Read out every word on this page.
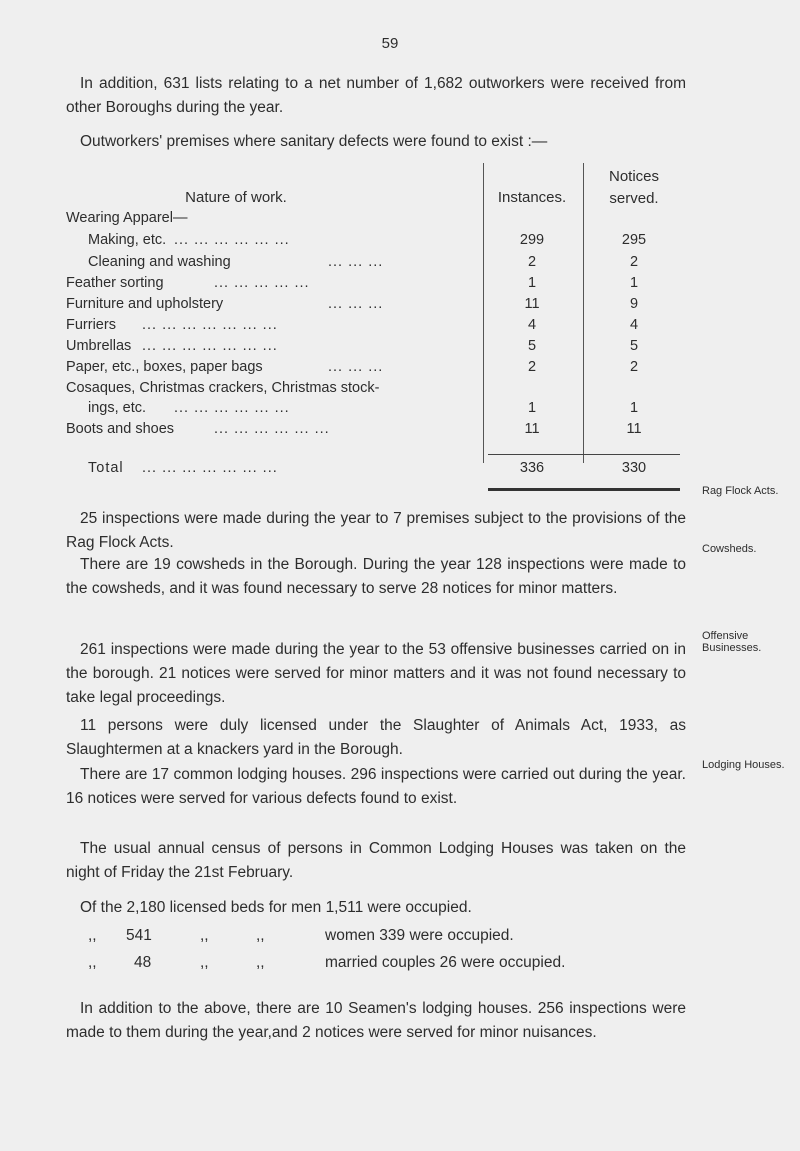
59

In addition, 631 lists relating to a net number of 1,682 outworkers were received from other Boroughs during the year.

Outworkers' premises where sanitary defects were found to exist :—

Nature of work.	Instances.
Notices
served.
Wearing Apparel—
Making, etc. ... ... ... ... ... ...	299	295
Cleaning and washing	... ... ...	2	2
Feather sorting	... ... ... ... ...	1	1
Furniture and upholstery	... ... ...	11	9
Furriers ... ... ... ... ... ... ...	4	4
Umbrellas ... ... ... ... ... ... ...	5	5
Paper, etc., boxes, paper bags	... ... ...	2	2
Cosaques, Christmas crackers, Christmas stock-
ings, etc. ... ... ... ... ... ...	1	1
Boots and shoes	... ... ... ... ... ...	11	11
Total ... ... ... ... ... ... ...	336	330

25 inspections were made during the year to 7 premises subject to the provisions of the Rag Flock Acts.

Rag Flock Acts.

There are 19 cowsheds in the Borough. During the year 128 inspections were made to the cowsheds, and it was found necessary to serve 28 notices for minor matters.

Cowsheds.

261 inspections were made during the year to the 53 offensive businesses carried on in the borough. 21 notices were served for minor matters and it was not found necessary to take legal proceedings.

Offensive Businesses.

11 persons were duly licensed under the Slaughter of Animals Act, 1933, as Slaughtermen at a knackers yard in the Borough.

There are 17 common lodging houses. 296 inspections were carried out during the year. 16 notices were served for various defects found to exist.

Lodging Houses.

The usual annual census of persons in Common Lodging Houses was taken on the night of Friday the 21st February.

Of the 2,180 licensed beds for men 1,511 were occupied.
,, 541	,,	,,	women 339 were occupied.
,, 48	,,	,,	married couples 26 were occupied.

In addition to the above, there are 10 Seamen's lodging houses. 256 inspections were made to them during the year,and 2 notices were served for minor nuisances.
